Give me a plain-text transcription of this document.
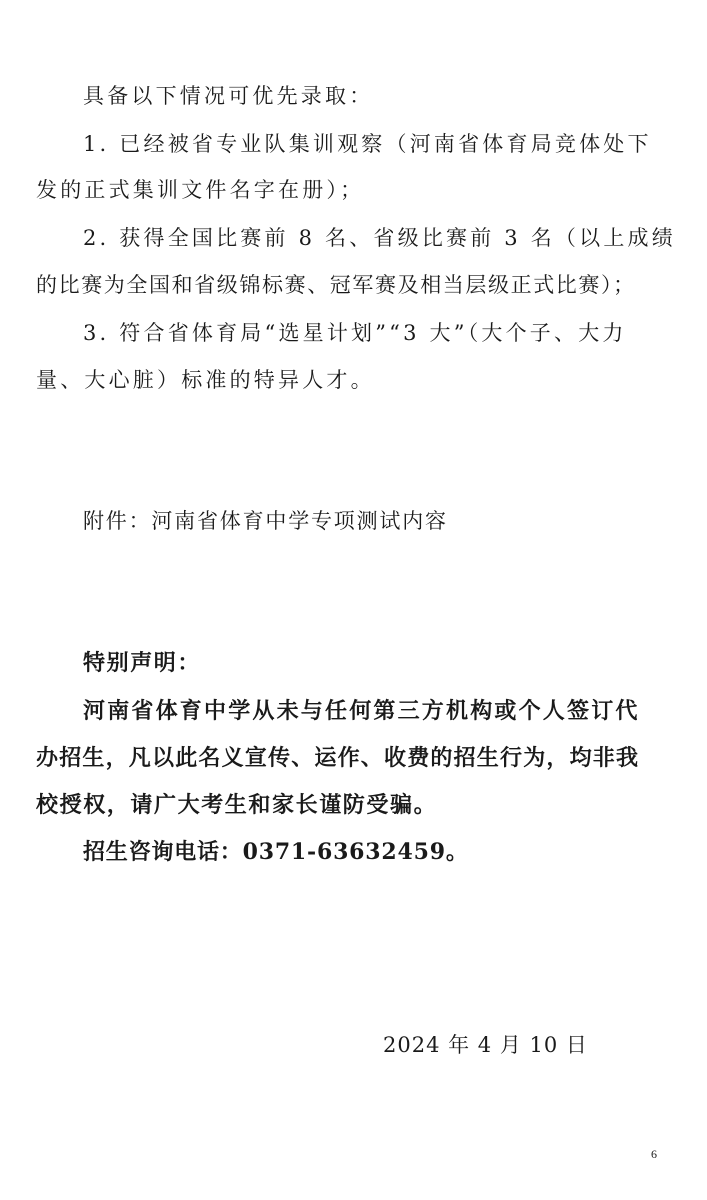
具备以下情况可优先录取：
1. 已经被省专业队集训观察（河南省体育局竞体处下
发的正式集训文件名字在册）；
2. 获得全国比赛前 8 名、省级比赛前 3 名（以上成绩
的比赛为全国和省级锦标赛、冠军赛及相当层级正式比赛）；
3. 符合省体育局“选星计划”“3 大”（大个子、大力
量、大心脏）标准的特异人才。
附件：河南省体育中学专项测试内容
特别声明：
河南省体育中学从未与任何第三方机构或个人签订代
办招生，凡以此名义宣传、运作、收费的招生行为，均非我
校授权，请广大考生和家长谨防受骗。
招生咨询电话：0371-63632459。
2024 年 4 月 10 日
6
